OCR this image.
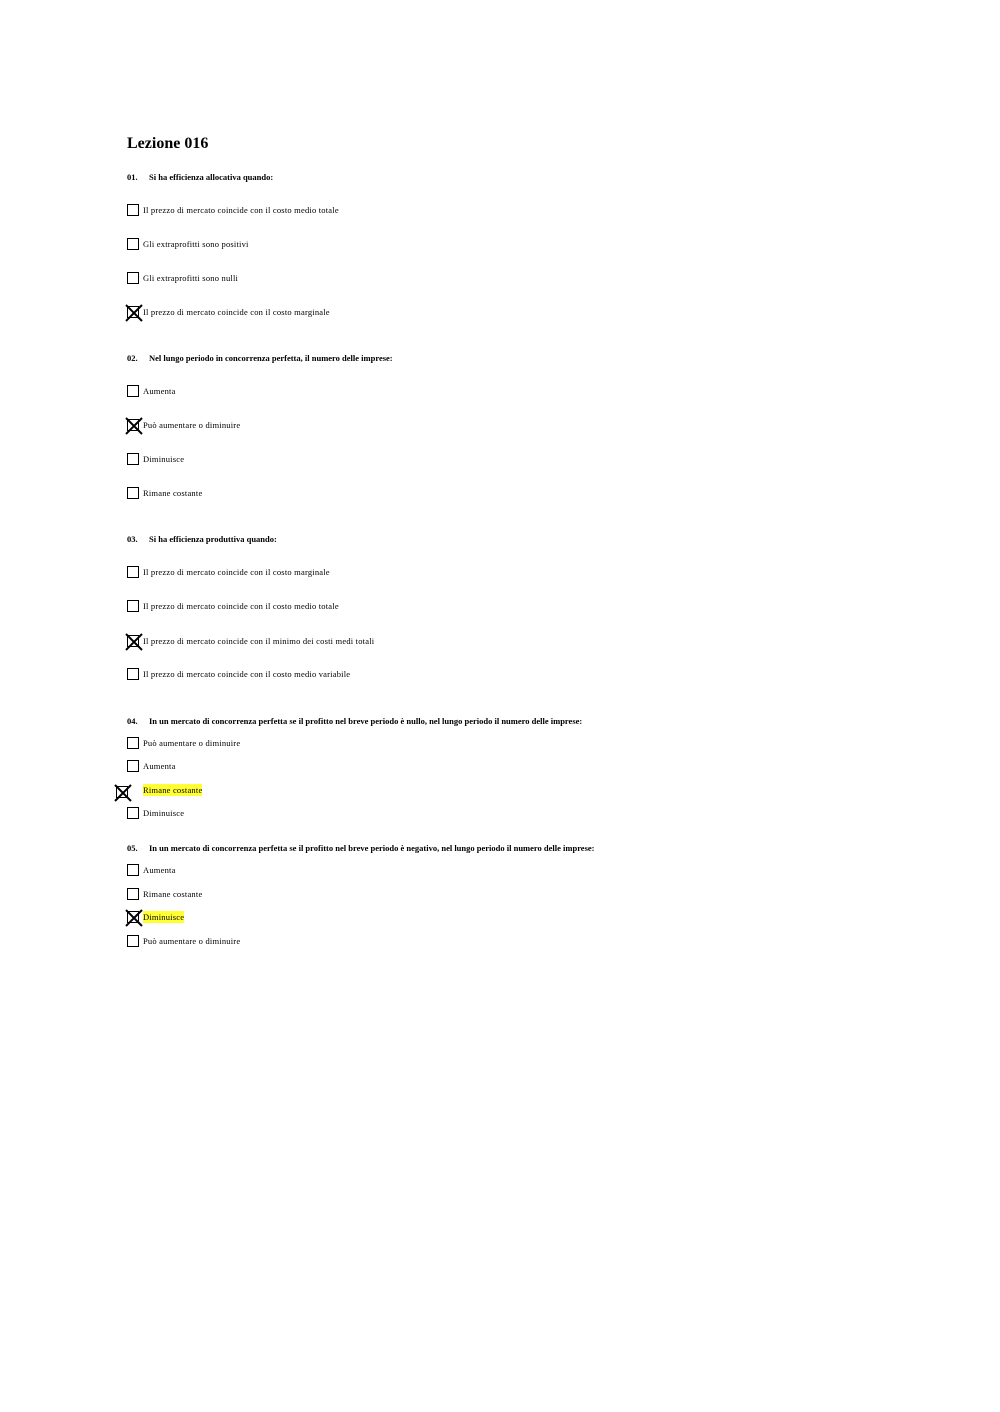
Lezione 016
01. Si ha efficienza allocativa quando:
Il prezzo di mercato coincide con il costo medio totale
Gli extraprofitti sono positivi
Gli extraprofitti sono nulli
Il prezzo di mercato coincide con il costo marginale
02. Nel lungo periodo in concorrenza perfetta, il numero delle imprese:
Aumenta
Può aumentare o diminuire
Diminuisce
Rimane costante
03. Si ha efficienza produttiva quando:
Il prezzo di mercato coincide con il costo marginale
Il prezzo di mercato coincide con il costo medio totale
Il prezzo di mercato coincide con il minimo dei costi medi totali
Il prezzo di mercato coincide con il costo medio variabile
04. In un mercato di concorrenza perfetta se il profitto nel breve periodo è nullo, nel lungo periodo il numero delle imprese:
Può aumentare o diminuire
Aumenta
Rimane costante
Diminuisce
05. In un mercato di concorrenza perfetta se il profitto nel breve periodo è negativo, nel lungo periodo il numero delle imprese:
Aumenta
Rimane costante
Diminuisce
Può aumentare o diminuire
